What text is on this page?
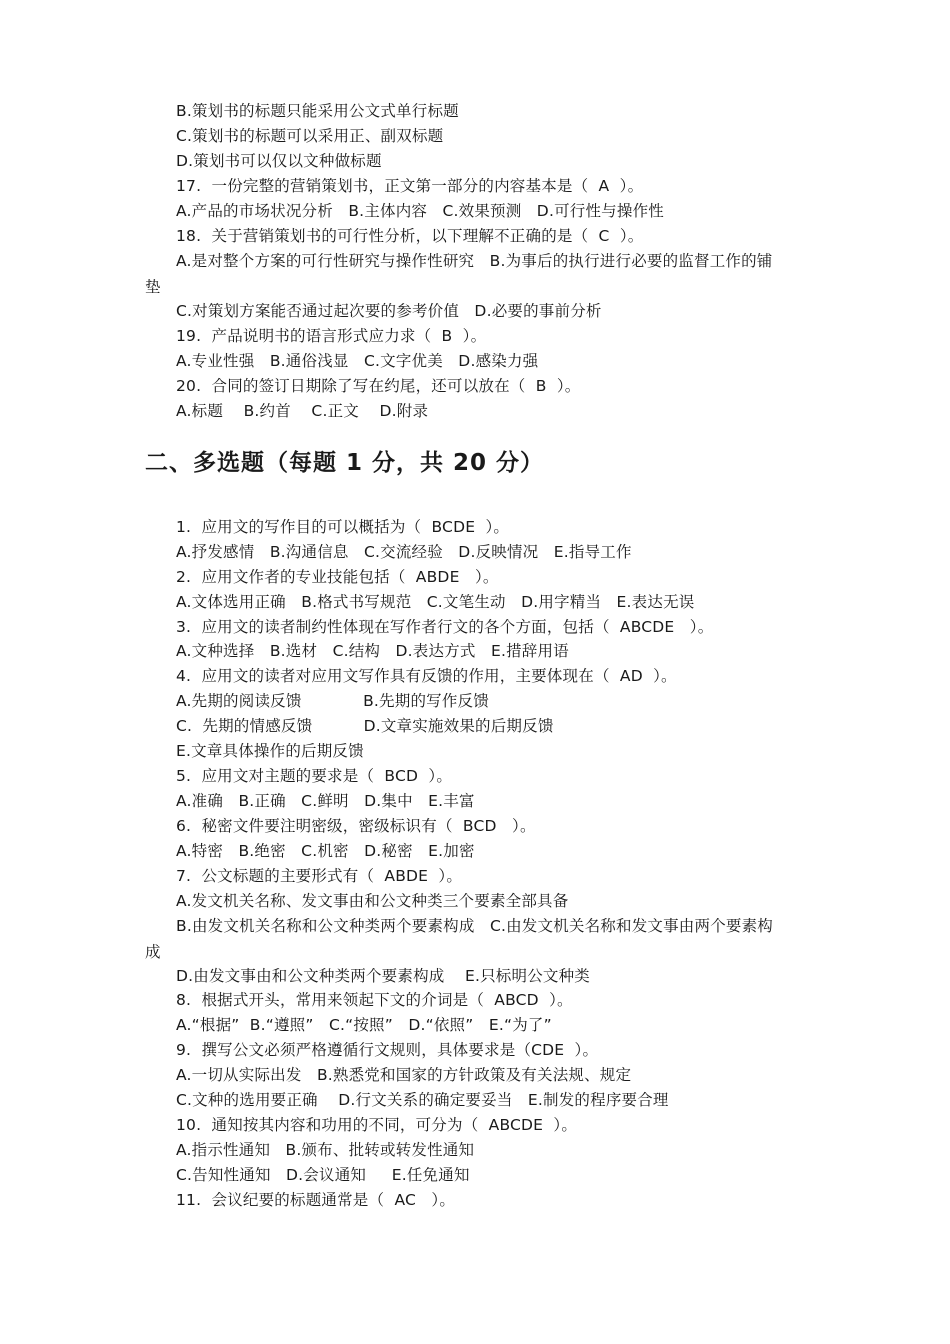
B.策划书的标题只能采用公文式单行标题
C.策划书的标题可以采用正、副双标题
D.策划书可以仅以文种做标题
17.  一份完整的营销策划书，正文第一部分的内容基本是（  A  ）。
A.产品的市场状况分析   B.主体内容   C.效果预测   D.可行性与操作性
18.  关于营销策划书的可行性分析，以下理解不正确的是（  C  ）。
A.是对整个方案的可行性研究与操作性研究   B.为事后的执行进行必要的监督工作的铺
垫
C.对策划方案能否通过起次要的参考价值   D.必要的事前分析
19.  产品说明书的语言形式应力求（  B  ）。
A.专业性强   B.通俗浅显   C.文字优美   D.感染力强
20.  合同的签订日期除了写在约尾，还可以放在（  B  ）。
A.标题    B.约首    C.正文    D.附录
二、多选题（每题 1 分，共 20 分）
1.  应用文的写作目的可以概括为（  BCDE  ）。
A.抒发感情   B.沟通信息   C.交流经验   D.反映情况   E.指导工作
2.  应用文作者的专业技能包括（  ABDE   ）。
A.文体选用正确   B.格式书写规范   C.文笔生动   D.用字精当   E.表达无误
3.  应用文的读者制约性体现在写作者行文的各个方面，包括（  ABCDE   ）。
A.文种选择   B.选材   C.结构   D.表达方式   E.措辞用语
4.  应用文的读者对应用文写作具有反馈的作用，主要体现在（  AD  ）。
A.先期的阅读反馈            B.先期的写作反馈
C.  先期的情感反馈          D.文章实施效果的后期反馈
E.文章具体操作的后期反馈
5.  应用文对主题的要求是（  BCD  ）。
A.准确   B.正确   C.鲜明   D.集中   E.丰富
6.  秘密文件要注明密级，密级标识有（  BCD   ）。
A.特密   B.绝密   C.机密   D.秘密   E.加密
7.  公文标题的主要形式有（  ABDE  ）。
A.发文机关名称、发文事由和公文种类三个要素全部具备
B.由发文机关名称和公文种类两个要素构成   C.由发文机关名称和发文事由两个要素构
成
D.由发文事由和公文种类两个要素构成    E.只标明公文种类
8.  根据式开头，常用来领起下文的介词是（  ABCD  ）。
A.“根据”  B.“遵照”   C.“按照”   D.“依照”   E.“为了”
9.  撰写公文必须严格遵循行文规则，具体要求是（CDE  ）。
A.一切从实际出发   B.熟悉党和国家的方针政策及有关法规、规定
C.文种的选用要正确    D.行文关系的确定要妥当   E.制发的程序要合理
10.  通知按其内容和功用的不同，可分为（  ABCDE  ）。
A.指示性通知   B.颁布、批转或转发性通知
C.告知性通知   D.会议通知     E.任免通知
11.  会议纪要的标题通常是（  AC   ）。
